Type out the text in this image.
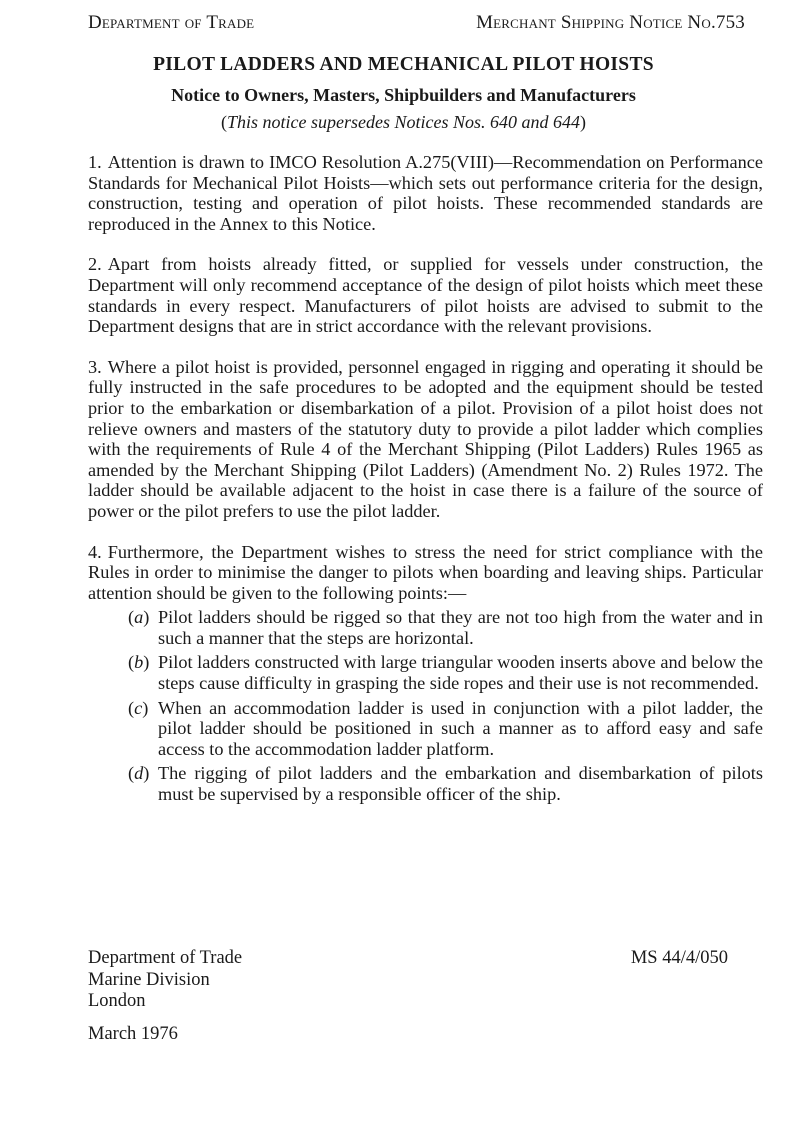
Department of Trade	Merchant Shipping Notice No.753
PILOT LADDERS AND MECHANICAL PILOT HOISTS
Notice to Owners, Masters, Shipbuilders and Manufacturers
(This notice supersedes Notices Nos. 640 and 644)

1. Attention is drawn to IMCO Resolution A.275(VIII)—Recommendation on Performance Standards for Mechanical Pilot Hoists—which sets out performance criteria for the design, construction, testing and operation of pilot hoists. These recommended standards are reproduced in the Annex to this Notice.

2. Apart from hoists already fitted, or supplied for vessels under construction, the Department will only recommend acceptance of the design of pilot hoists which meet these standards in every respect. Manufacturers of pilot hoists are advised to submit to the Department designs that are in strict accordance with the relevant provisions.

3. Where a pilot hoist is provided, personnel engaged in rigging and operating it should be fully instructed in the safe procedures to be adopted and the equipment should be tested prior to the embarkation or disembarkation of a pilot. Provision of a pilot hoist does not relieve owners and masters of the statutory duty to provide a pilot ladder which complies with the requirements of Rule 4 of the Merchant Shipping (Pilot Ladders) Rules 1965 as amended by the Merchant Shipping (Pilot Ladders) (Amendment No. 2) Rules 1972. The ladder should be available adjacent to the hoist in case there is a failure of the source of power or the pilot prefers to use the pilot ladder.

4. Furthermore, the Department wishes to stress the need for strict compliance with the Rules in order to minimise the danger to pilots when boarding and leaving ships. Particular attention should be given to the following points:—

(a) Pilot ladders should be rigged so that they are not too high from the water and in such a manner that the steps are horizontal.
(b) Pilot ladders constructed with large triangular wooden inserts above and below the steps cause difficulty in grasping the side ropes and their use is not recommended.
(c) When an accommodation ladder is used in conjunction with a pilot ladder, the pilot ladder should be positioned in such a manner as to afford easy and safe access to the accommodation ladder platform.
(d) The rigging of pilot ladders and the embarkation and disembarkation of pilots must be supervised by a responsible officer of the ship.
Department of Trade
Marine Division
London
MS 44/4/050
March 1976
